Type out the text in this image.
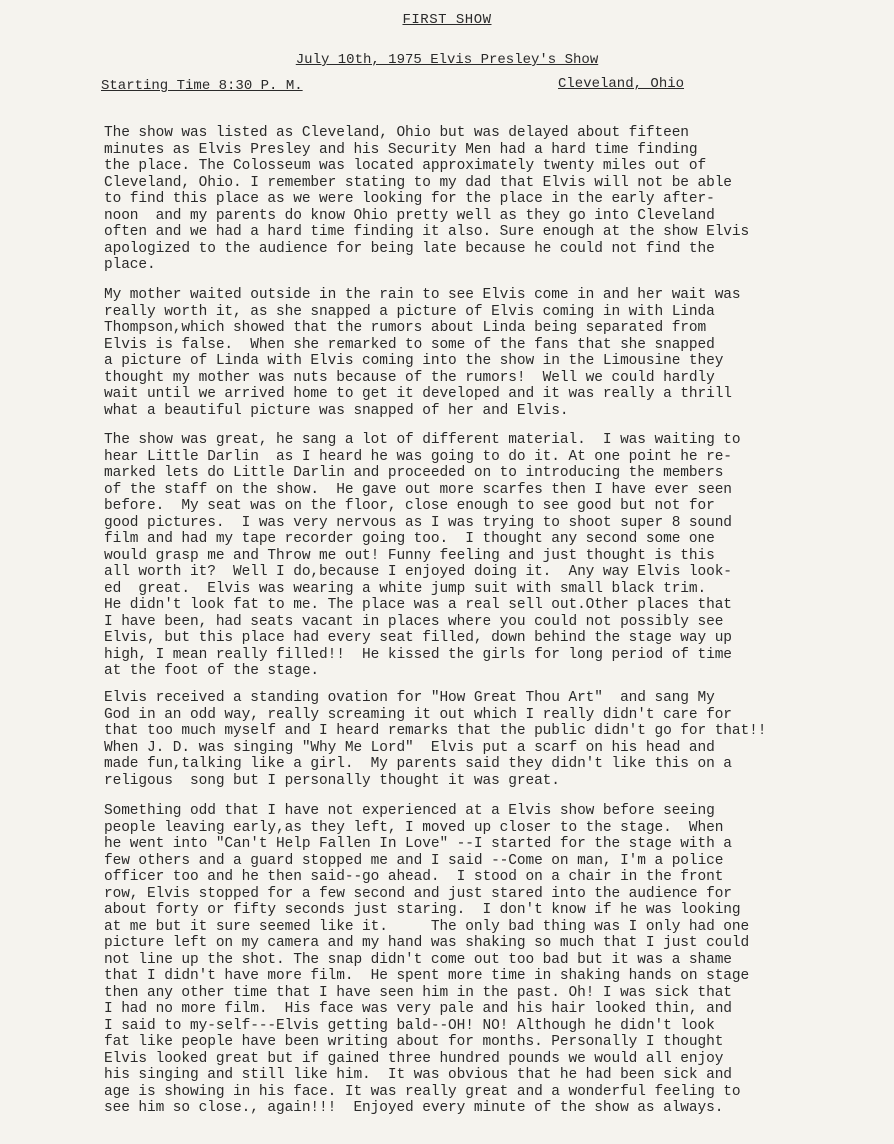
FIRST SHOW
July 10th, 1975 Elvis Presley's Show
Starting Time 8:30 P. M.	Cleveland, Ohio
The show was listed as Cleveland, Ohio but was delayed about fifteen
minutes as Elvis Presley and his Security Men had a hard time finding
the place. The Colosseum was located approximately twenty miles out of
Cleveland, Ohio. I remember stating to my dad that Elvis will not be able
to find this place as we were looking for the place in the early after-
noon  and my parents do know Ohio pretty well as they go into Cleveland
often and we had a hard time finding it also. Sure enough at the show Elvis
apologized to the audience for being late because he could not find the
place.
My mother waited outside in the rain to see Elvis come in and her wait was
really worth it, as she snapped a picture of Elvis coming in with Linda
Thompson,which showed that the rumors about Linda being separated from
Elvis is false.  When she remarked to some of the fans that she snapped
a picture of Linda with Elvis coming into the show in the Limousine they
thought my mother was nuts because of the rumors!  Well we could hardly
wait until we arrived home to get it developed and it was really a thrill
what a beautiful picture was snapped of her and Elvis.
The show was great, he sang a lot of different material.  I was waiting to
hear Little Darlin  as I heard he was going to do it. At one point he re-
marked lets do Little Darlin and proceeded on to introducing the members
of the staff on the show.  He gave out more scarfes then I have ever seen
before.  My seat was on the floor, close enough to see good but not for
good pictures.  I was very nervous as I was trying to shoot super 8 sound
film and had my tape recorder going too.  I thought any second some one
would grasp me and Throw me out! Funny feeling and just thought is this
all worth it?  Well I do,because I enjoyed doing it.  Any way Elvis look-
ed  great.  Elvis was wearing a white jump suit with small black trim.
He didn't look fat to me. The place was a real sell out.Other places that
I have been, had seats vacant in places where you could not possibly see
Elvis, but this place had every seat filled, down behind the stage way up
high, I mean really filled!!  He kissed the girls for long period of time
at the foot of the stage.
Elvis received a standing ovation for "How Great Thou Art"  and sang My
God in an odd way, really screaming it out which I really didn't care for
that too much myself and I heard remarks that the public didn't go for that!!
When J. D. was singing "Why Me Lord"  Elvis put a scarf on his head and
made fun,talking like a girl.  My parents said they didn't like this on a
religous  song but I personally thought it was great.
Something odd that I have not experienced at a Elvis show before seeing
people leaving early,as they left, I moved up closer to the stage.  When
he went into "Can't Help Fallen In Love" --I started for the stage with a
few others and a guard stopped me and I said --Come on man, I'm a police
officer too and he then said--go ahead.  I stood on a chair in the front
row, Elvis stopped for a few second and just stared into the audience for
about forty or fifty seconds just staring.  I don't know if he was looking
at me but it sure seemed like it.     The only bad thing was I only had one
picture left on my camera and my hand was shaking so much that I just could
not line up the shot. The snap didn't come out too bad but it was a shame
that I didn't have more film.  He spent more time in shaking hands on stage
then any other time that I have seen him in the past. Oh! I was sick that
I had no more film.  His face was very pale and his hair looked thin, and
I said to my-self---Elvis getting bald--OH! NO! Although he didn't look
fat like people have been writing about for months. Personally I thought
Elvis looked great but if gained three hundred pounds we would all enjoy
his singing and still like him.  It was obvious that he had been sick and
age is showing in his face. It was really great and a wonderful feeling to
see him so close., again!!!  Enjoyed every minute of the show as always.
